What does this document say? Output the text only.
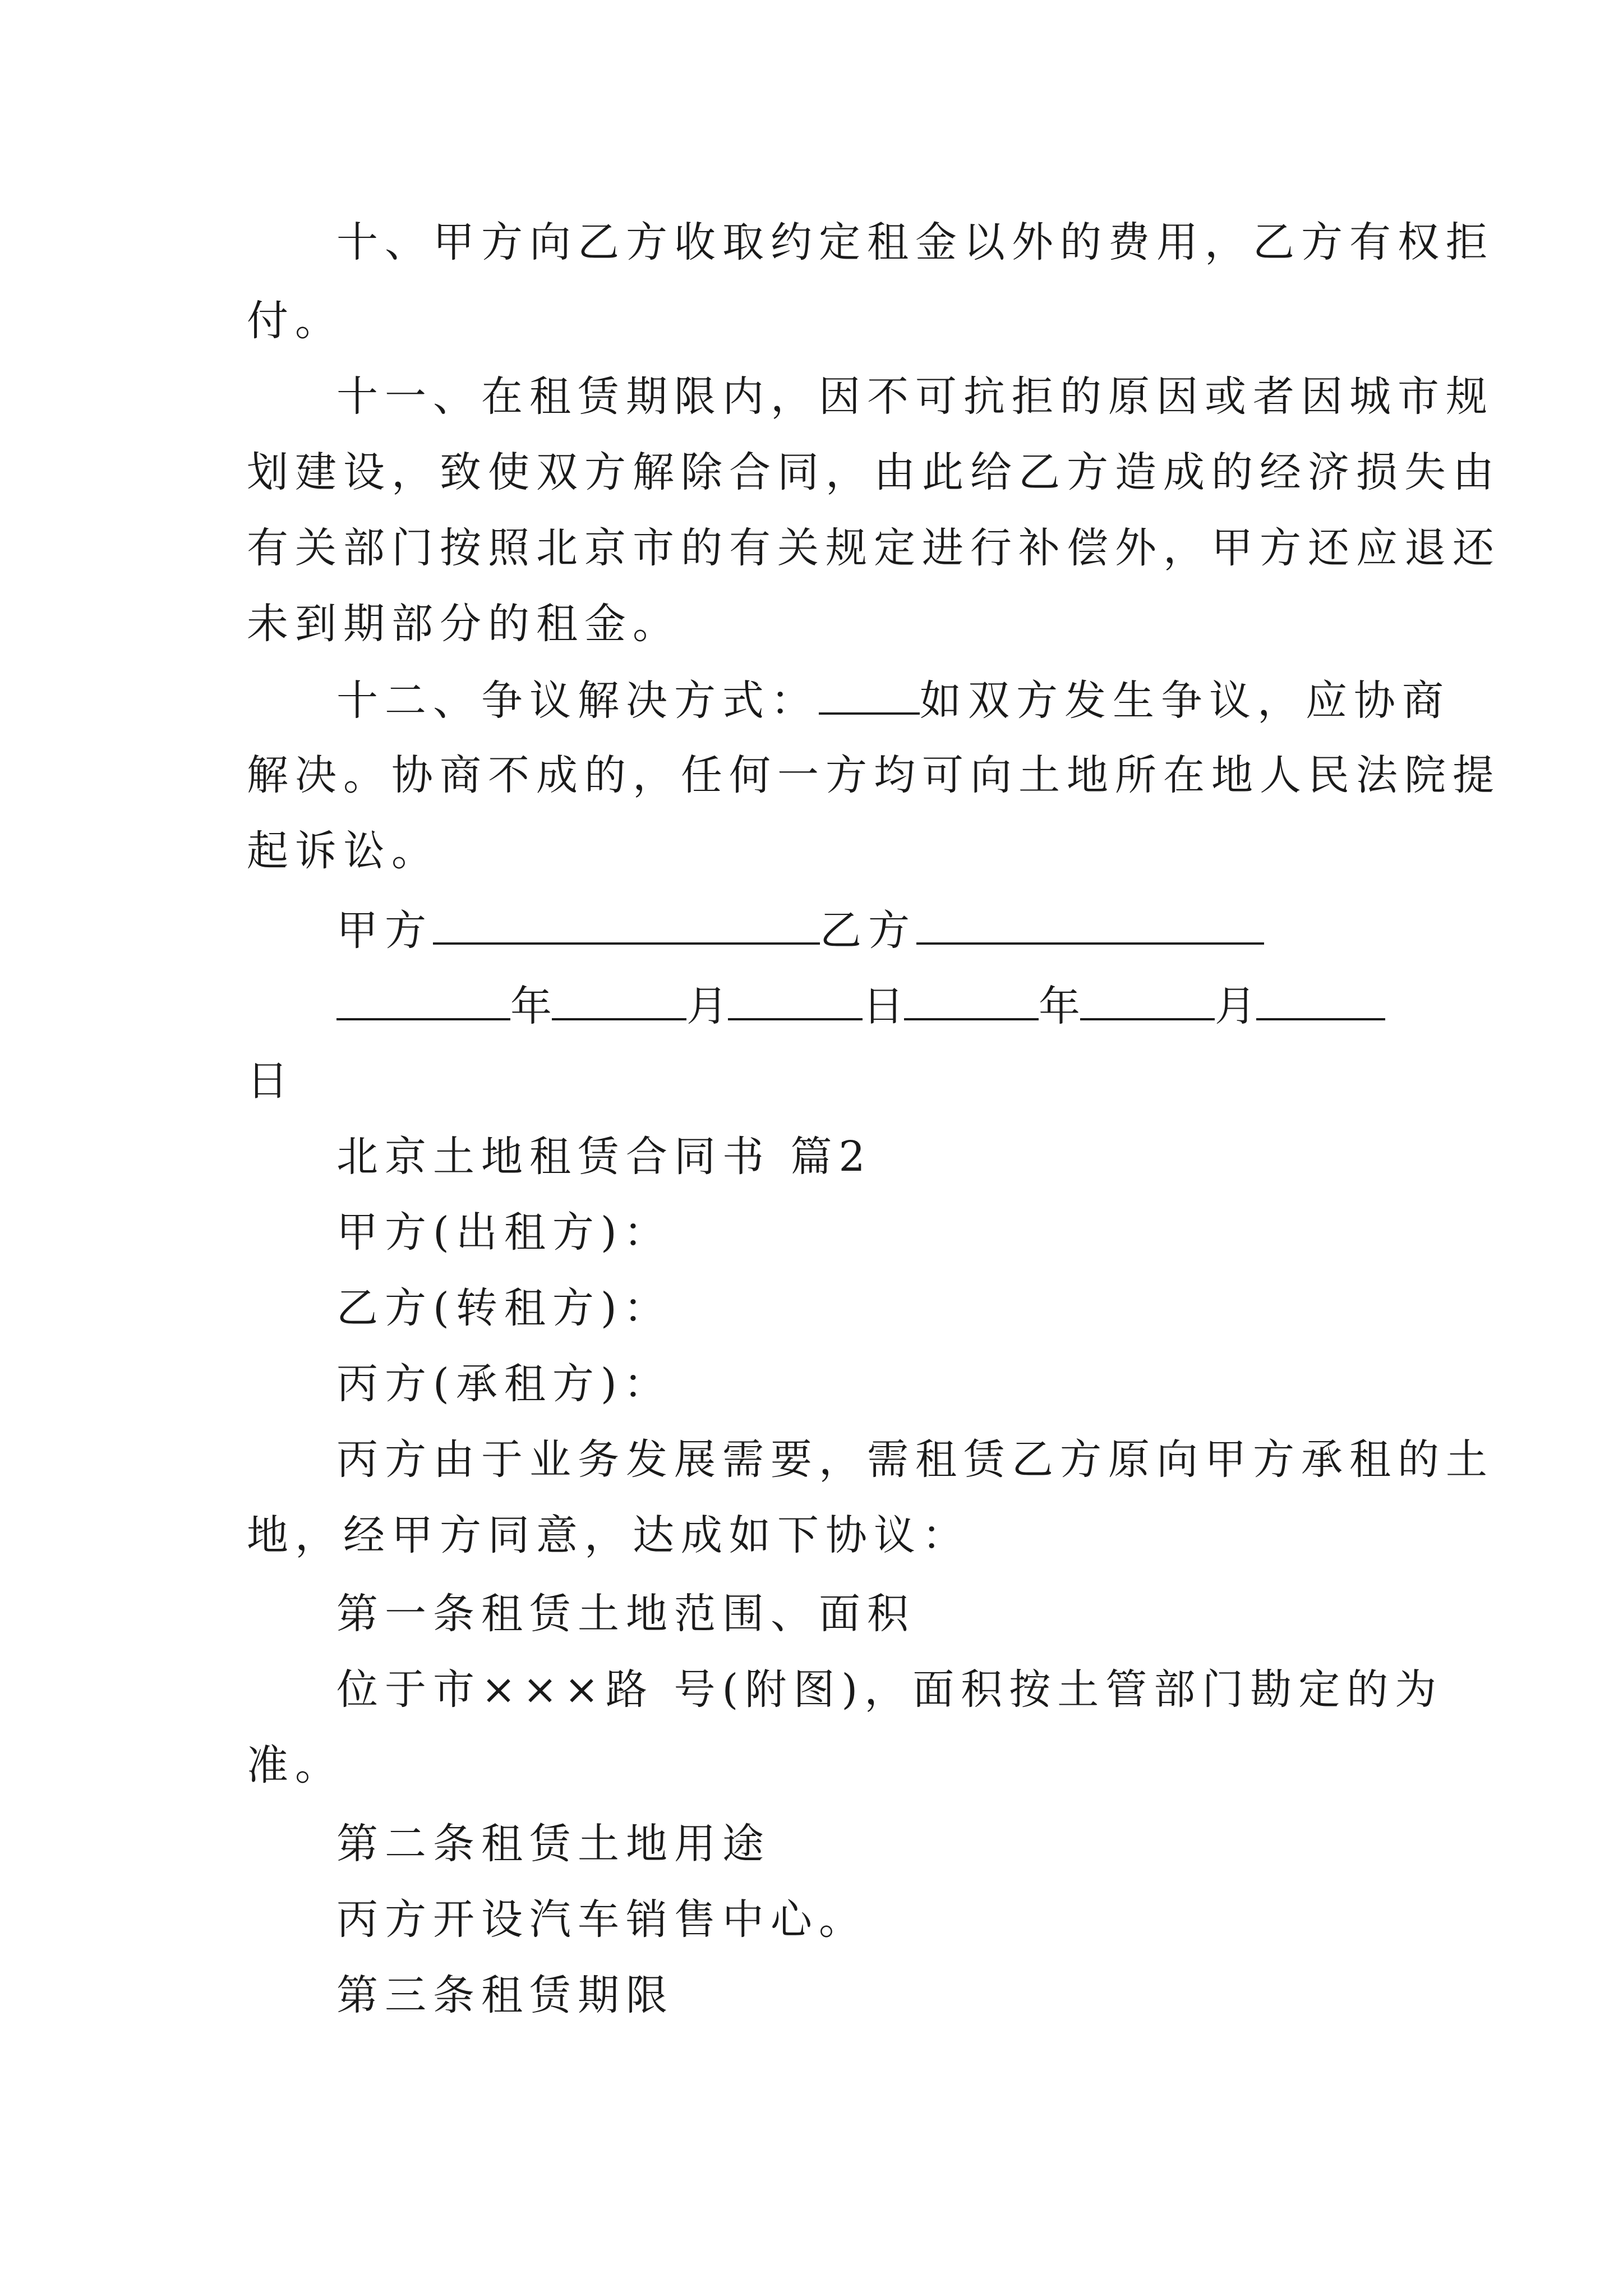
十、甲方向乙方收取约定租金以外的费用，乙方有权拒
付。
十一、在租赁期限内，因不可抗拒的原因或者因城市规
划建设，致使双方解除合同，由此给乙方造成的经济损失由
有关部门按照北京市的有关规定进行补偿外，甲方还应退还
未到期部分的租金。
十二、争议解决方式： 如双方发生争议，应协商
解决。协商不成的，任何一方均可向土地所在地人民法院提
起诉讼。
甲方	乙方
年	月	日	年	月
日
北京土地租赁合同书 篇2
甲方(出租方)：
乙方(转租方)：
丙方(承租方)：
丙方由于业务发展需要，需租赁乙方原向甲方承租的土
地，经甲方同意，达成如下协议：
第一条租赁土地范围、面积
位于市×××路 号(附图)，面积按土管部门勘定的为
准。
第二条租赁土地用途
丙方开设汽车销售中心。
第三条租赁期限
